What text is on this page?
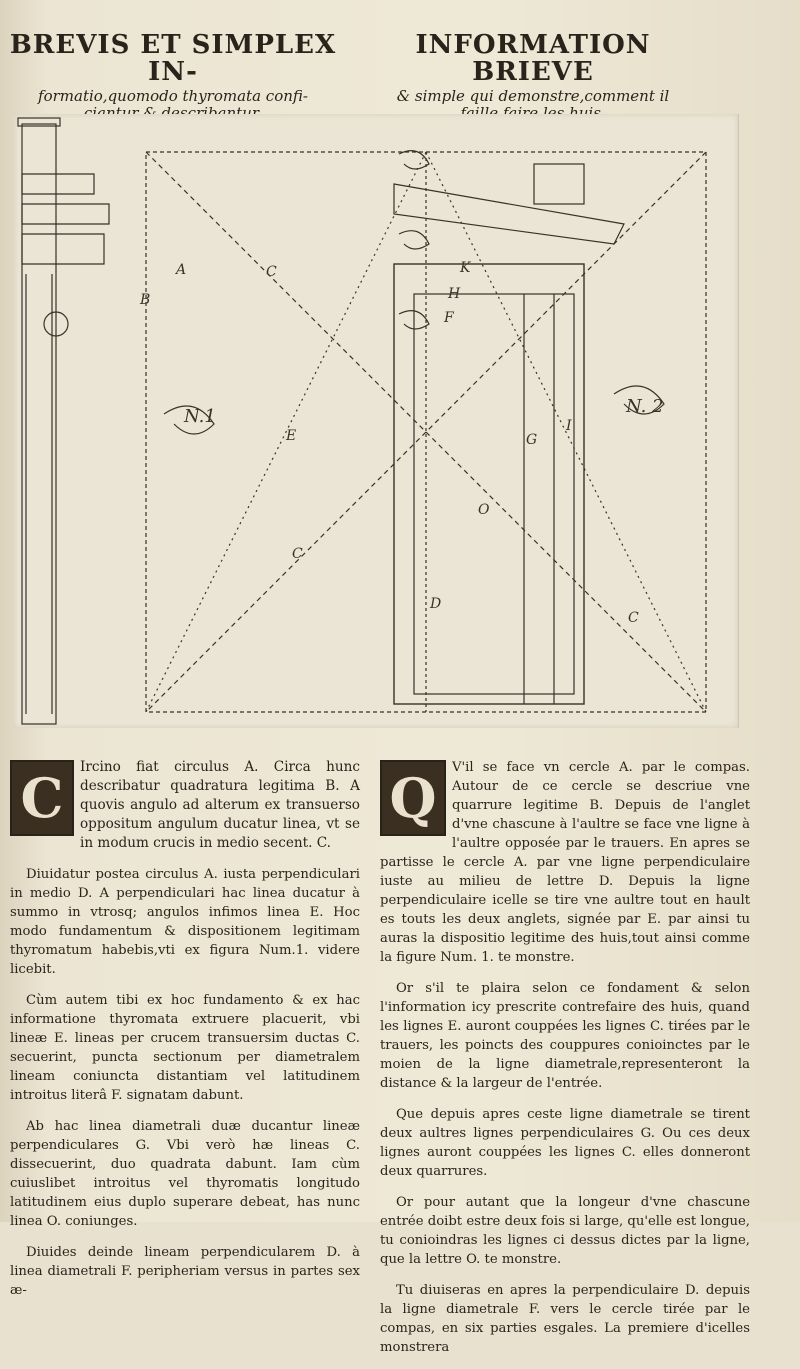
BREVIS ET SIMPLEX IN-
formatio,quomodo thyromata confi-
INFORMATION BRIEVE
& simple qui demonstre,comment il
B
A	C
E
C
D
F
H
K
G
I
O
C
N.1	N. 2

C	Ircino fiat circulus A. Circa hunc describatur quadratura legitima B. A quovis angulo ad alterum ex transuerso oppositum angulum ducatur linea, vt se in modum crucis in medio secent. C.

Diuidatur postea circulus A. iusta perpendiculari in medio D. A perpendiculari hac linea ducatur à summo in vtrosq; angulos infimos linea E. Hoc modo fundamentum & dispositionem legitimam thyromatum habebis,vti ex figura Num.1. videre licebit.

Cùm autem tibi ex hoc fundamento & ex hac informatione thyromata extruere placuerit, vbi lineæ E. lineas per crucem transuersim ductas C. secuerint, puncta sectionum per diametralem lineam coniuncta distantiam vel latitudinem introitus literâ F. signatam dabunt.

Ab hac linea diametrali duæ ducantur lineæ perpendiculares G. Vbi verò hæ lineas C. dissecuerint, duo quadrata dabunt. Iam cùm cuiuslibet introitus vel thyromatis longitudo latitudinem eius duplo superare debeat, has nunc linea O. coniunges.

Diuides deinde lineam perpendicularem D. à linea diametrali F. peripheriam versus in partes sex æ-

Q	V'il se face vn cercle A. par le compas. Autour de ce cercle se descriue vne quarrure legitime B. Depuis de l'anglet d'vne chascune à l'aultre se face vne ligne à l'aultre opposée par le trauers. En apres se partisse le cercle A. par vne ligne perpendiculaire iuste au milieu de lettre D. Depuis la ligne perpendiculaire icelle se tire vne aultre tout en hault es touts les deux anglets, signée par E. par ainsi tu auras la dispositio legitime des huis,tout ainsi comme la figure Num. 1. te monstre.

Or s'il te plaira selon ce fondament & selon l'information icy prescrite contrefaire des huis, quand les lignes E. auront couppées les lignes C. tirées par le trauers, les poincts des couppures conioinctes par le moien de la ligne diametrale,representeront la distance & la largeur de l'entrée.

Que depuis apres ceste ligne diametrale se tirent deux aultres lignes perpendiculaires G. Ou ces deux lignes auront couppées les lignes C. elles donneront deux quarrures.

Or pour autant que la longeur d'vne chascune entrée doibt estre deux fois si large, qu'elle est longue, tu conioindras les lignes ci dessus dictes par la ligne, que la lettre O. te monstre.

Tu diuiseras en apres la perpendiculaire D. depuis la ligne diametrale F. vers le cercle tirée par le compas, en six parties esgales. La premiere d'icelles monstrera
